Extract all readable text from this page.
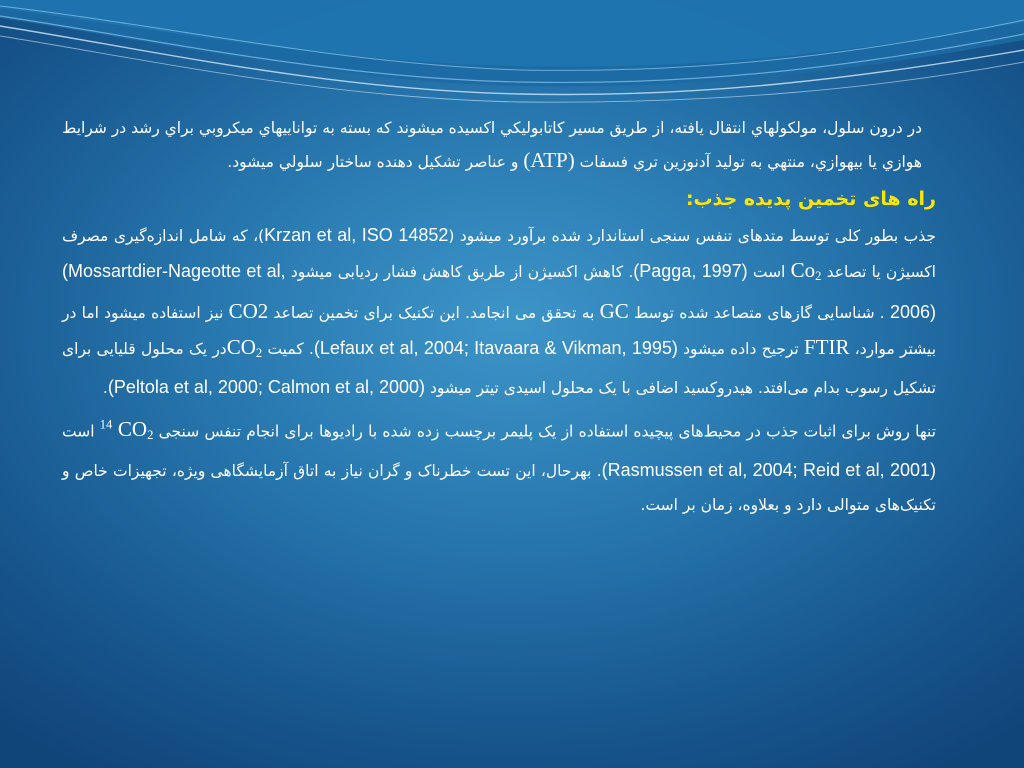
در درون سلول، مولکولهاي انتقال يافته، از طريق مسير كاتابوليكي اكسيده ميشوند كه بسته به تواناييهاي ميكروبي براي رشد در شرايط هوازي يا بيهوازي، منتهي به توليد آدنوزين تري فسفات (ATP) و عناصر تشكيل دهنده ساختار سلولي ميشود.

راه های تخمین پدیده جذب:

جذب بطور کلی توسط متدهای تنفس سنجی استاندارد شده برآورد میشود (Krzan et al, ISO 14852)، که شامل اندازه‌گیری مصرف اکسیژن یا تصاعد $Co_2$ است (Pagga, 1997). کاهش اکسیژن از طریق کاهش فشار ردیابی میشود (Mossartdier-Nageotte et al, 2006) . شناسایی گازهای متصاعد شده توسط GC به تحقق می انجامد. این تکنیک برای تخمین تصاعد CO2 نیز استفاده میشود اما در بیشتر موارد، FTIR ترجیح داده میشود (Lefaux et al, 2004; Itavaara & Vikman, 1995). کمیت $CO_2در$ یک محلول قلیایی برای تشکیل رسوب بدام می‌افتد. هیدروکسید اضافی با یک محلول اسیدی تیتر میشود (Peltola et al, 2000; Calmon et al, 2000).

تنها روش برای اثبات جذب در محیط‌های پیچیده استفاده از یک پلیمر برچسب زده شده با رادیوها برای انجام تنفس سنجی $^{14}$ $CO_2$ است (Rasmussen et al, 2004; Reid et al, 2001). بهرحال، این تست خطرناک و گران نیاز به اتاق آزمایشگاهی ویژه، تجهیزات خاص و تکنیک‌های متوالی دارد و بعلاوه، زمان بر است.
